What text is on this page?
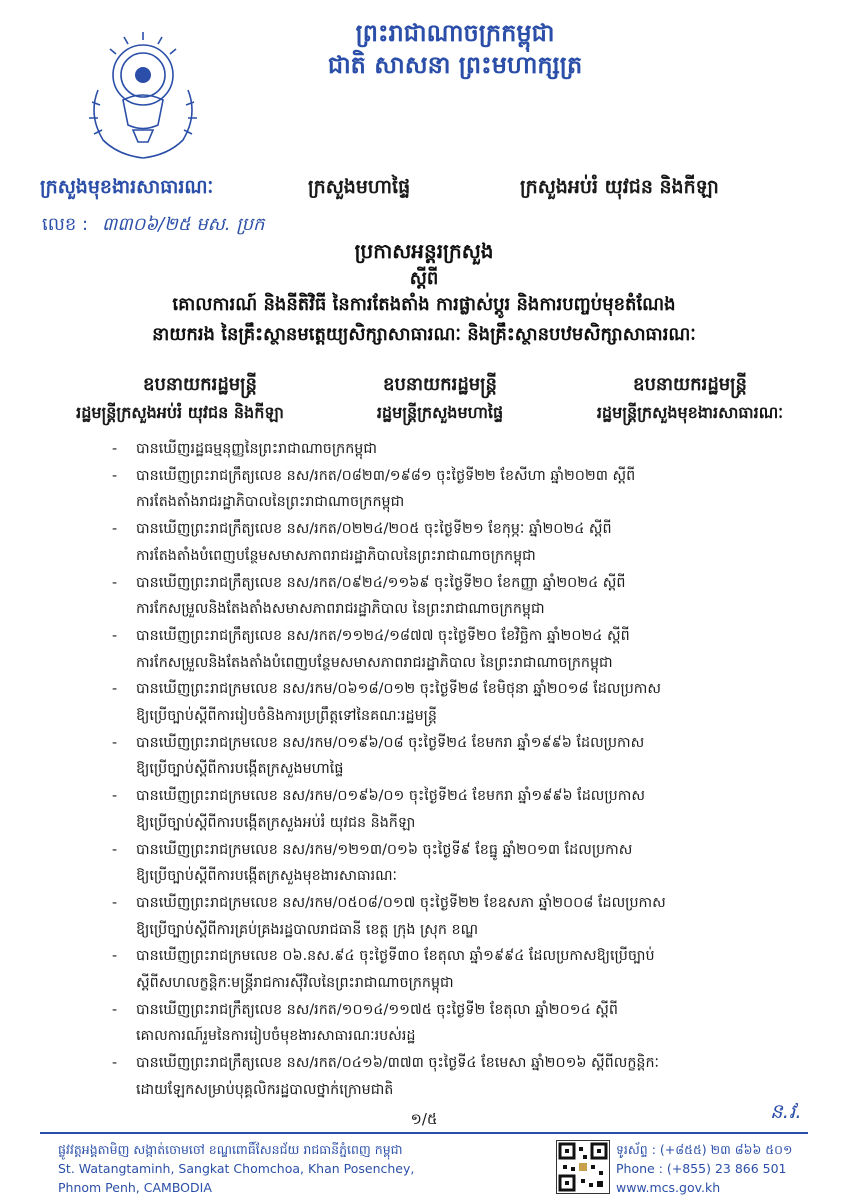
ព្រះរាជាណាចក្រកម្ពុជា
ជាតិ សាសនា ព្រះមហាក្សត្រ
ក្រសួងមុខងារសាធារណៈ	ក្រសួងមហាផ្ទៃ	ក្រសួងអប់រំ យុវជន និងកីឡា
លេខ : ៣៣០៦/២៥ មស. ប្រក
ប្រកាសអន្តរក្រសួង
ស្តីពី
គោលការណ៍ និងនីតិវិធី នៃការតែងតាំង ការផ្លាស់ប្តូរ និងការបញ្ចប់មុខតំណែង
នាយករង នៃគ្រឹះស្ថានមត្តេយ្យសិក្សាសាធារណៈ និងគ្រឹះស្ថានបឋមសិក្សាសាធារណៈ
ឧបនាយករដ្ឋមន្ត្រី	ឧបនាយករដ្ឋមន្ត្រី	ឧបនាយករដ្ឋមន្ត្រី
រដ្ឋមន្ត្រីក្រសួងអប់រំ យុវជន និងកីឡា	រដ្ឋមន្ត្រីក្រសួងមហាផ្ទៃ	រដ្ឋមន្ត្រីក្រសួងមុខងារសាធារណៈ
- បានឃើញរដ្ឋធម្មនុញ្ញនៃព្រះរាជាណាចក្រកម្ពុជា
- បានឃើញព្រះរាជក្រឹត្យលេខ នស/រកត/០៨២៣/១៩៨១ ចុះថ្ងៃទី២២ ខែសីហា ឆ្នាំ២០២៣ ស្តីពី
ការតែងតាំងរាជរដ្ឋាភិបាលនៃព្រះរាជាណាចក្រកម្ពុជា
- បានឃើញព្រះរាជក្រឹត្យលេខ នស/រកត/០២២៤/២០៥ ចុះថ្ងៃទី២១ ខែកុម្ភៈ ឆ្នាំ២០២៤ ស្តីពី
ការតែងតាំងបំពេញបន្ថែមសមាសភាពរាជរដ្ឋាភិបាលនៃព្រះរាជាណាចក្រកម្ពុជា
- បានឃើញព្រះរាជក្រឹត្យលេខ នស/រកត/០៩២៤/១១៦៩ ចុះថ្ងៃទី២០ ខែកញ្ញា ឆ្នាំ២០២៤ ស្តីពី
ការកែសម្រួលនិងតែងតាំងសមាសភាពរាជរដ្ឋាភិបាល នៃព្រះរាជាណាចក្រកម្ពុជា
- បានឃើញព្រះរាជក្រឹត្យលេខ នស/រកត/១១២៤/១៨៧៧ ចុះថ្ងៃទី២០ ខែវិច្ឆិកា ឆ្នាំ២០២៤ ស្តីពី
ការកែសម្រួលនិងតែងតាំងបំពេញបន្ថែមសមាសភាពរាជរដ្ឋាភិបាល នៃព្រះរាជាណាចក្រកម្ពុជា
- បានឃើញព្រះរាជក្រមលេខ នស/រកម/០៦១៨/០១២ ចុះថ្ងៃទី២៨ ខែមិថុនា ឆ្នាំ២០១៨ ដែលប្រកាស
ឱ្យប្រើច្បាប់ស្តីពីការរៀបចំនិងការប្រព្រឹត្តទៅនៃគណៈរដ្ឋមន្ត្រី
- បានឃើញព្រះរាជក្រមលេខ នស/រកម/០១៩៦/០៨ ចុះថ្ងៃទី២៤ ខែមករា ឆ្នាំ១៩៩៦ ដែលប្រកាស
ឱ្យប្រើច្បាប់ស្តីពីការបង្កើតក្រសួងមហាផ្ទៃ
- បានឃើញព្រះរាជក្រមលេខ នស/រកម/០១៩៦/០១ ចុះថ្ងៃទី២៤ ខែមករា ឆ្នាំ១៩៩៦ ដែលប្រកាស
ឱ្យប្រើច្បាប់ស្តីពីការបង្កើតក្រសួងអប់រំ យុវជន និងកីឡា
- បានឃើញព្រះរាជក្រមលេខ នស/រកម/១២១៣/០១៦ ចុះថ្ងៃទី៩ ខែធ្នូ ឆ្នាំ២០១៣ ដែលប្រកាស
ឱ្យប្រើច្បាប់ស្តីពីការបង្កើតក្រសួងមុខងារសាធារណៈ
- បានឃើញព្រះរាជក្រមលេខ នស/រកម/០៥០៨/០១៧ ចុះថ្ងៃទី២២ ខែឧសភា ឆ្នាំ២០០៨ ដែលប្រកាស
ឱ្យប្រើច្បាប់ស្តីពីការគ្រប់គ្រងរដ្ឋបាលរាជធានី ខេត្ត ក្រុង ស្រុក ខណ្ឌ
- បានឃើញព្រះរាជក្រមលេខ ០៦.នស.៩៤ ចុះថ្ងៃទី៣០ ខែតុលា ឆ្នាំ១៩៩៤ ដែលប្រកាសឱ្យប្រើច្បាប់
ស្តីពីសហលក្ខន្តិកៈមន្ត្រីរាជការស៊ីវិលនៃព្រះរាជាណាចក្រកម្ពុជា
- បានឃើញព្រះរាជក្រឹត្យលេខ នស/រកត/១០១៤/១១៧៥ ចុះថ្ងៃទី២ ខែតុលា ឆ្នាំ២០១៤ ស្តីពី
គោលការណ៍រួមនៃការរៀបចំមុខងារសាធារណៈរបស់រដ្ឋ
- បានឃើញព្រះរាជក្រឹត្យលេខ នស/រកត/០៤១៦/៣៧៣ ចុះថ្ងៃទី៤ ខែមេសា ឆ្នាំ២០១៦ ស្តីពីលក្ខន្តិកៈ
ដោយឡែកសម្រាប់បុគ្គលិករដ្ឋបាលថ្នាក់ក្រោមជាតិ
១/៥	ន.វ.
ផ្លូវវត្តអង្គតាមិញ សង្កាត់ចោមចៅ ខណ្ឌពោធិ៍សែនជ័យ រាជធានីភ្នំពេញ កម្ពុជា
St. Watangtaminh, Sangkat Chomchoa, Khan Posenchey,
Phnom Penh, CAMBODIA
ទូរស័ព្ទ : (+៨៥៥) ២៣ ៨៦៦ ៥០១
Phone : (+855) 23 866 501
www.mcs.gov.kh
